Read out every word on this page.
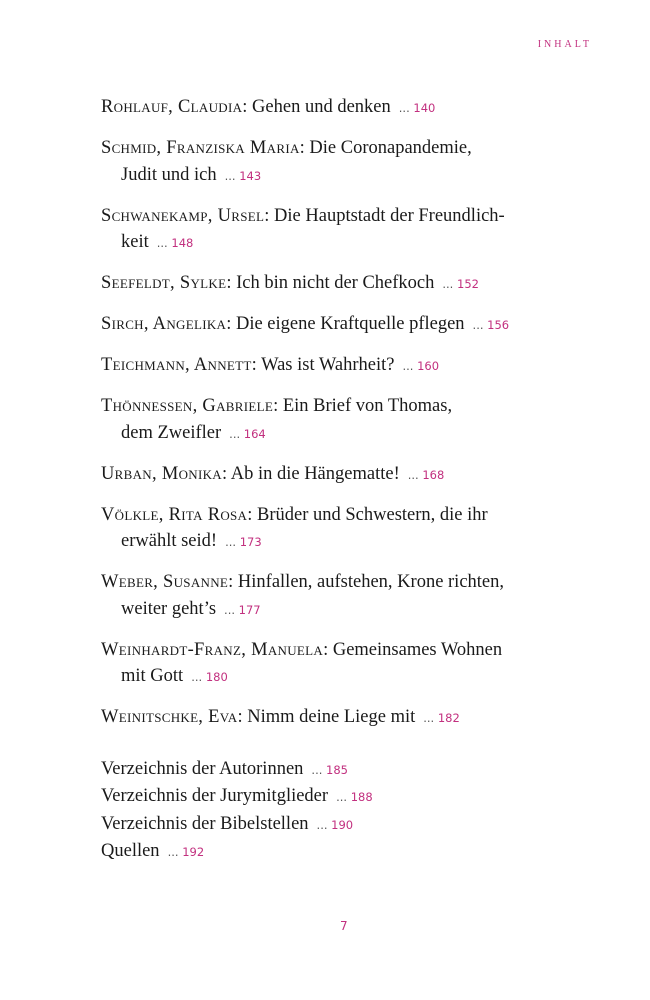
INHALT
Rohlauf, Claudia: Gehen und denken ... 140
Schmid, Franziska Maria: Die Coronapandemie,
Judit und ich ... 143
Schwanekamp, Ursel: Die Hauptstadt der Freundlich-
keit ... 148
Seefeldt, Sylke: Ich bin nicht der Chefkoch ... 152
Sirch, Angelika: Die eigene Kraftquelle pflegen ... 156
Teichmann, Annett: Was ist Wahrheit? ... 160
Thönnessen, Gabriele: Ein Brief von Thomas,
dem Zweifler ... 164
Urban, Monika: Ab in die Hängematte! ... 168
Völkle, Rita Rosa: Brüder und Schwestern, die ihr
erwählt seid! ... 173
Weber, Susanne: Hinfallen, aufstehen, Krone richten,
weiter geht’s ... 177
Weinhardt-Franz, Manuela: Gemeinsames Wohnen
mit Gott ... 180
Weinitschke, Eva: Nimm deine Liege mit ... 182
Verzeichnis der Autorinnen ... 185
Verzeichnis der Jurymitglieder ... 188
Verzeichnis der Bibelstellen ... 190
Quellen ... 192
7
